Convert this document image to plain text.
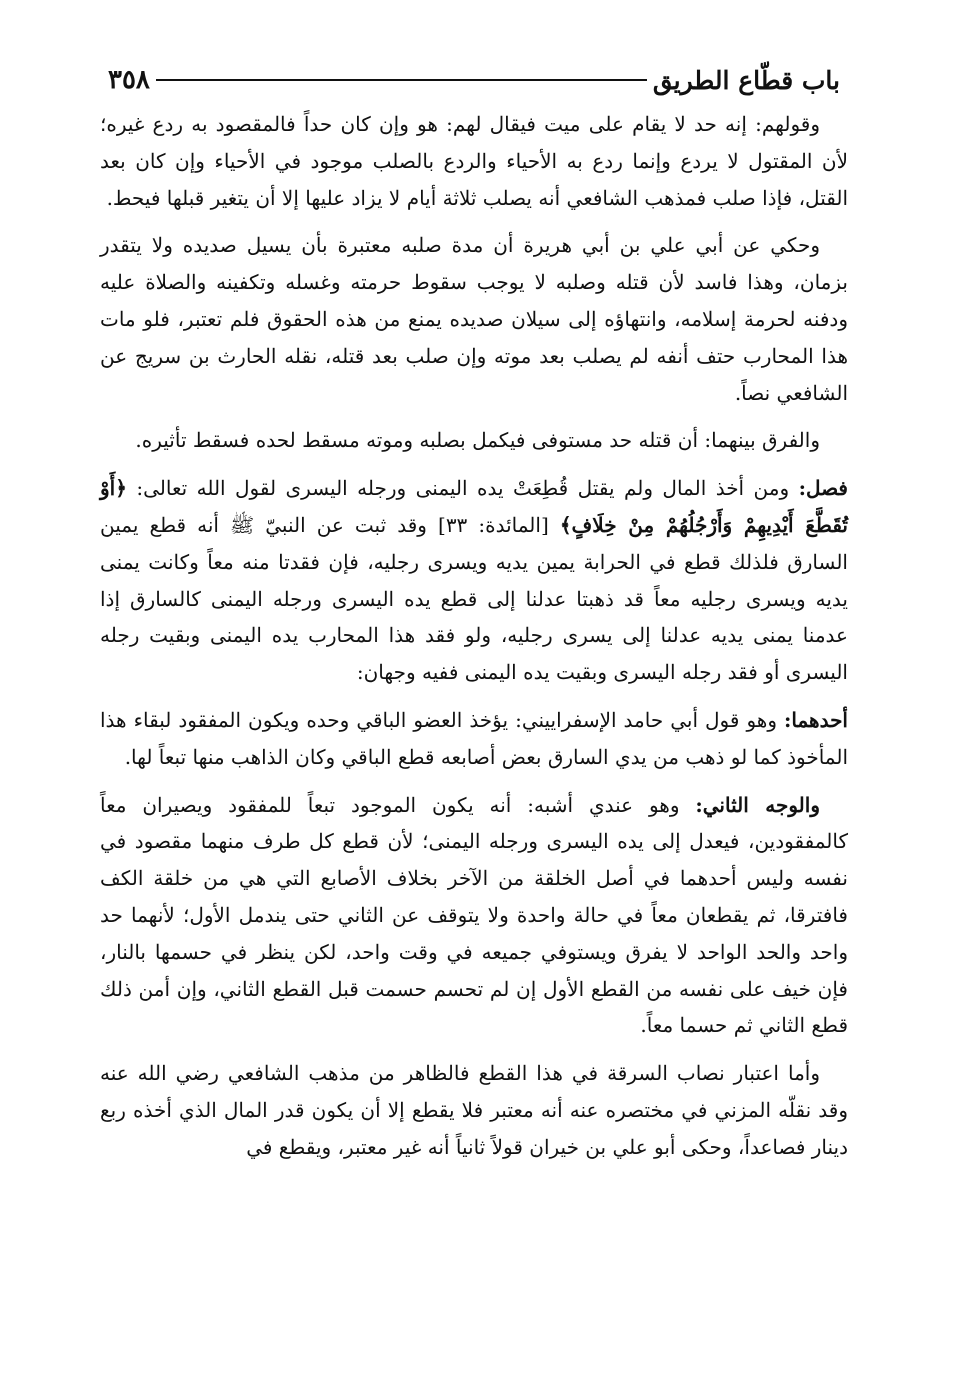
باب قطّاع الطريق
٣٥٨

وقولهم: إنه حد لا يقام على ميت فيقال لهم: هو وإن كان حداً فالمقصود به ردع غيره؛ لأن المقتول لا يردع وإنما ردع به الأحياء والردع بالصلب موجود في الأحياء وإن كان بعد القتل، فإذا صلب فمذهب الشافعي أنه يصلب ثلاثة أيام لا يزاد عليها إلا أن يتغير قبلها فيحط.

وحكي عن أبي علي بن أبي هريرة أن مدة صلبه معتبرة بأن يسيل صديده ولا يتقدر بزمان، وهذا فاسد لأن قتله وصلبه لا يوجب سقوط حرمته وغسله وتكفينه والصلاة عليه ودفنه لحرمة إسلامه، وانتهاؤه إلى سيلان صديده يمنع من هذه الحقوق فلم تعتبر، فلو مات هذا المحارب حتف أنفه لم يصلب بعد موته وإن صلب بعد قتله، نقله الحارث بن سريج عن الشافعي نصاً.

والفرق بينهما: أن قتله حد مستوفى فيكمل بصلبه وموته مسقط لحده فسقط تأثيره.

فصل: ومن أخذ المال ولم يقتل قُطِعَتْ يده اليمنى ورجله اليسرى لقول الله تعالى: ﴿أَوْ تُقَطَّعَ أَيْدِيهِمْ وَأَرْجُلُهُمْ مِنْ خِلَافٍ﴾ [المائدة: ٣٣] وقد ثبت عن النبيّ ﷺ أنه قطع يمين السارق فلذلك قطع في الحرابة يمين يديه ويسرى رجليه، فإن فقدتا منه معاً وكانت يمنى يديه ويسرى رجليه معاً قد ذهبتا عدلنا إلى قطع يده اليسرى ورجله اليمنى كالسارق إذا عدمنا يمنى يديه عدلنا إلى يسرى رجليه، ولو فقد هذا المحارب يده اليمنى وبقيت رجله اليسرى أو فقد رجله اليسرى وبقيت يده اليمنى ففيه وجهان:

أحدهما: وهو قول أبي حامد الإسفراييني: يؤخذ العضو الباقي وحده ويكون المفقود لبقاء هذا المأخوذ كما لو ذهب من يدي السارق بعض أصابعه قطع الباقي وكان الذاهب منها تبعاً لها.

والوجه الثاني: وهو عندي أشبه: أنه يكون الموجود تبعاً للمفقود ويصيران معاً كالمفقودين، فيعدل إلى يده اليسرى ورجله اليمنى؛ لأن قطع كل طرف منهما مقصود في نفسه وليس أحدهما في أصل الخلقة من الآخر بخلاف الأصابع التي هي من خلقة الكف فافترقا، ثم يقطعان معاً في حالة واحدة ولا يتوقف عن الثاني حتى يندمل الأول؛ لأنهما حد واحد والحد الواحد لا يفرق ويستوفي جميعه في وقت واحد، لكن ينظر في حسمها بالنار، فإن خيف على نفسه من القطع الأول إن لم تحسم حسمت قبل القطع الثاني، وإن أمن ذلك قطع الثاني ثم حسما معاً.

وأما اعتبار نصاب السرقة في هذا القطع فالظاهر من مذهب الشافعي رضي الله عنه وقد نقلّه المزني في مختصره عنه أنه معتبر فلا يقطع إلا أن يكون قدر المال الذي أخذه ربع دينار فصاعداً، وحكى أبو علي بن خيران قولاً ثانياً أنه غير معتبر، ويقطع في
